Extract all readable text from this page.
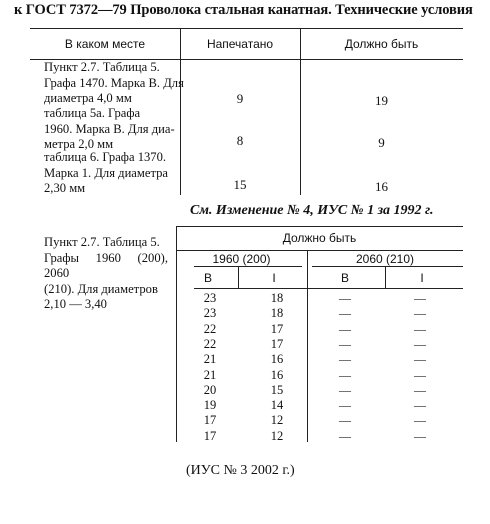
к ГОСТ 7372—79 Проволока стальная канатная. Технические условия
В каком месте	Напечатано	Должно быть
Пункт 2.7. Таблица 5.
Графа 1470. Марка В. Для
диаметра 4,0 мм	9	19
таблица 5а. Графа
1960. Марка В. Для диа-
метра 2,0 мм	8	9
таблица 6. Графа 1370.
Марка 1. Для диаметра
2,30 мм	15	16
См. Изменение № 4, ИУС № 1 за 1992 г.
Пункт 2.7. Таблица 5.
Графы 1960 (200), 2060
(210). Для диаметров
2,10 — 3,40
Должно быть
1960 (200)	2060 (210)
В	I	В	I
23	18	—	—
23	18	—	—
22	17	—	—
22	17	—	—
21	16	—	—
21	16	—	—
20	15	—	—
19	14	—	—
17	12	—	—
17	12	—	—
(ИУС № 3 2002 г.)
